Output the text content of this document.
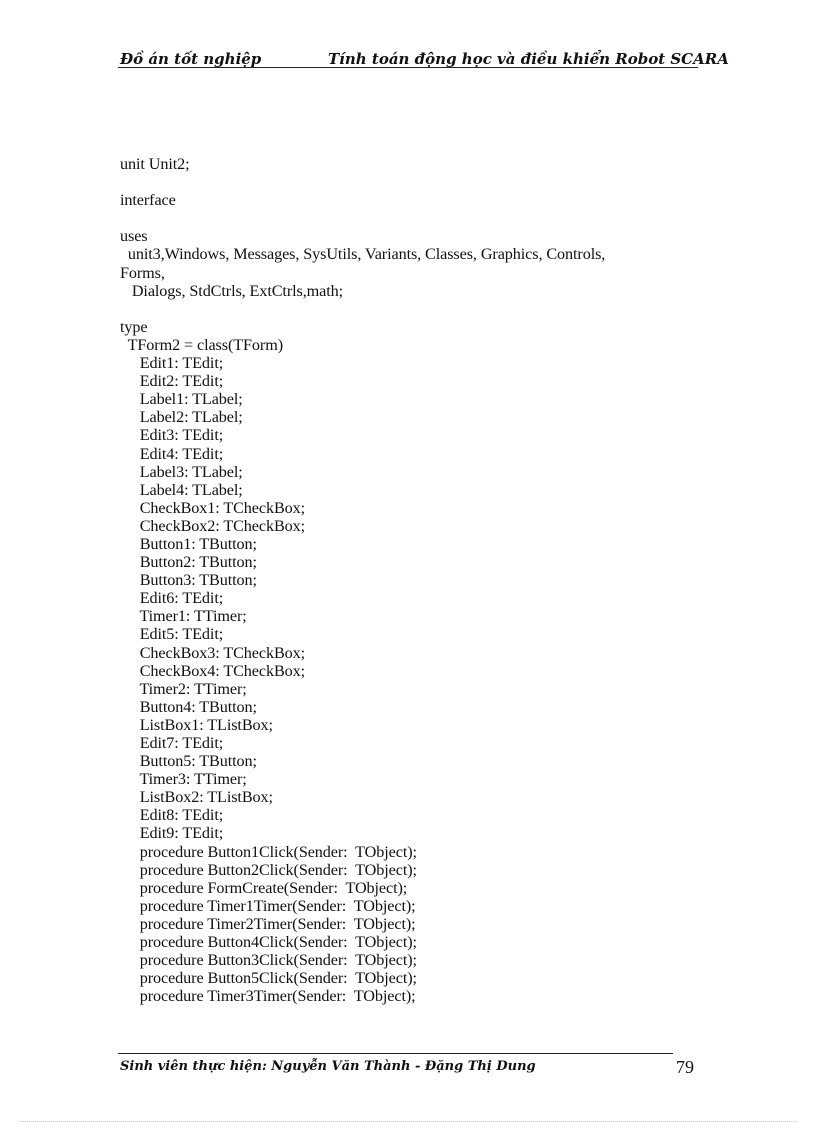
Đồ án tốt nghiệp	Tính toán động học và điều khiển Robot SCARA
unit Unit2;
interface
uses
unit3,Windows, Messages, SysUtils, Variants, Classes, Graphics, Controls,
Forms,
Dialogs, StdCtrls, ExtCtrls,math;
type
TForm2 = class(TForm)
Edit1: TEdit;
Edit2: TEdit;
Label1: TLabel;
Label2: TLabel;
Edit3: TEdit;
Edit4: TEdit;
Label3: TLabel;
Label4: TLabel;
CheckBox1: TCheckBox;
CheckBox2: TCheckBox;
Button1: TButton;
Button2: TButton;
Button3: TButton;
Edit6: TEdit;
Timer1: TTimer;
Edit5: TEdit;
CheckBox3: TCheckBox;
CheckBox4: TCheckBox;
Timer2: TTimer;
Button4: TButton;
ListBox1: TListBox;
Edit7: TEdit;
Button5: TButton;
Timer3: TTimer;
ListBox2: TListBox;
Edit8: TEdit;
Edit9: TEdit;
procedure Button1Click(Sender:  TObject);
procedure Button2Click(Sender:  TObject);
procedure FormCreate(Sender:  TObject);
procedure Timer1Timer(Sender:  TObject);
procedure Timer2Timer(Sender:  TObject);
procedure Button4Click(Sender:  TObject);
procedure Button3Click(Sender:  TObject);
procedure Button5Click(Sender:  TObject);
procedure Timer3Timer(Sender:  TObject);
Sinh viên thực hiện: Nguyễn Văn Thành - Đặng Thị Dung	79
